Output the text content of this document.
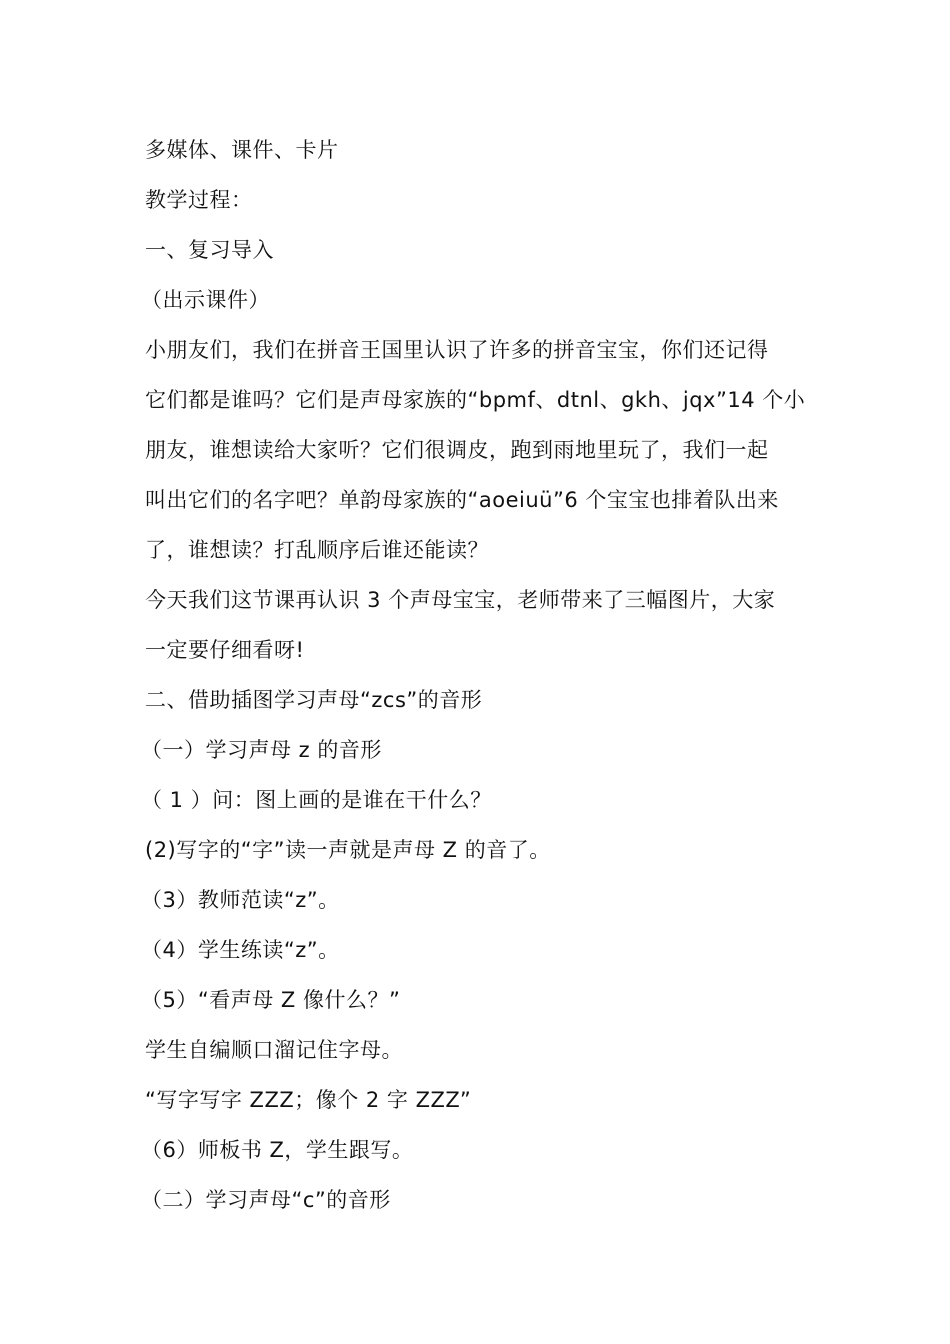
多媒体、课件、卡片
教学过程：
一、复习导入
（出示课件）
小朋友们，我们在拼音王国里认识了许多的拼音宝宝，你们还记得
它们都是谁吗？它们是声母家族的“bpmf、dtnl、gkh、jqx”14 个小
朋友，谁想读给大家听？它们很调皮，跑到雨地里玩了，我们一起
叫出它们的名字吧？单韵母家族的“aoeiuü”6 个宝宝也排着队出来
了，谁想读？打乱顺序后谁还能读？
今天我们这节课再认识 3 个声母宝宝，老师带来了三幅图片，大家
一定要仔细看呀!
二、借助插图学习声母“zcs”的音形
（一）学习声母 z 的音形
（ 1 ）问：图上画的是谁在干什么？
(2)写字的“字”读一声就是声母 Z 的音了。
（3）教师范读“z”。
（4）学生练读“z”。
（5）“看声母 Z 像什么？”
学生自编顺口溜记住字母。
“写字写字 ZZZ；像个 2 字 ZZZ”
（6）师板书 Z，学生跟写。
（二）学习声母“c”的音形
